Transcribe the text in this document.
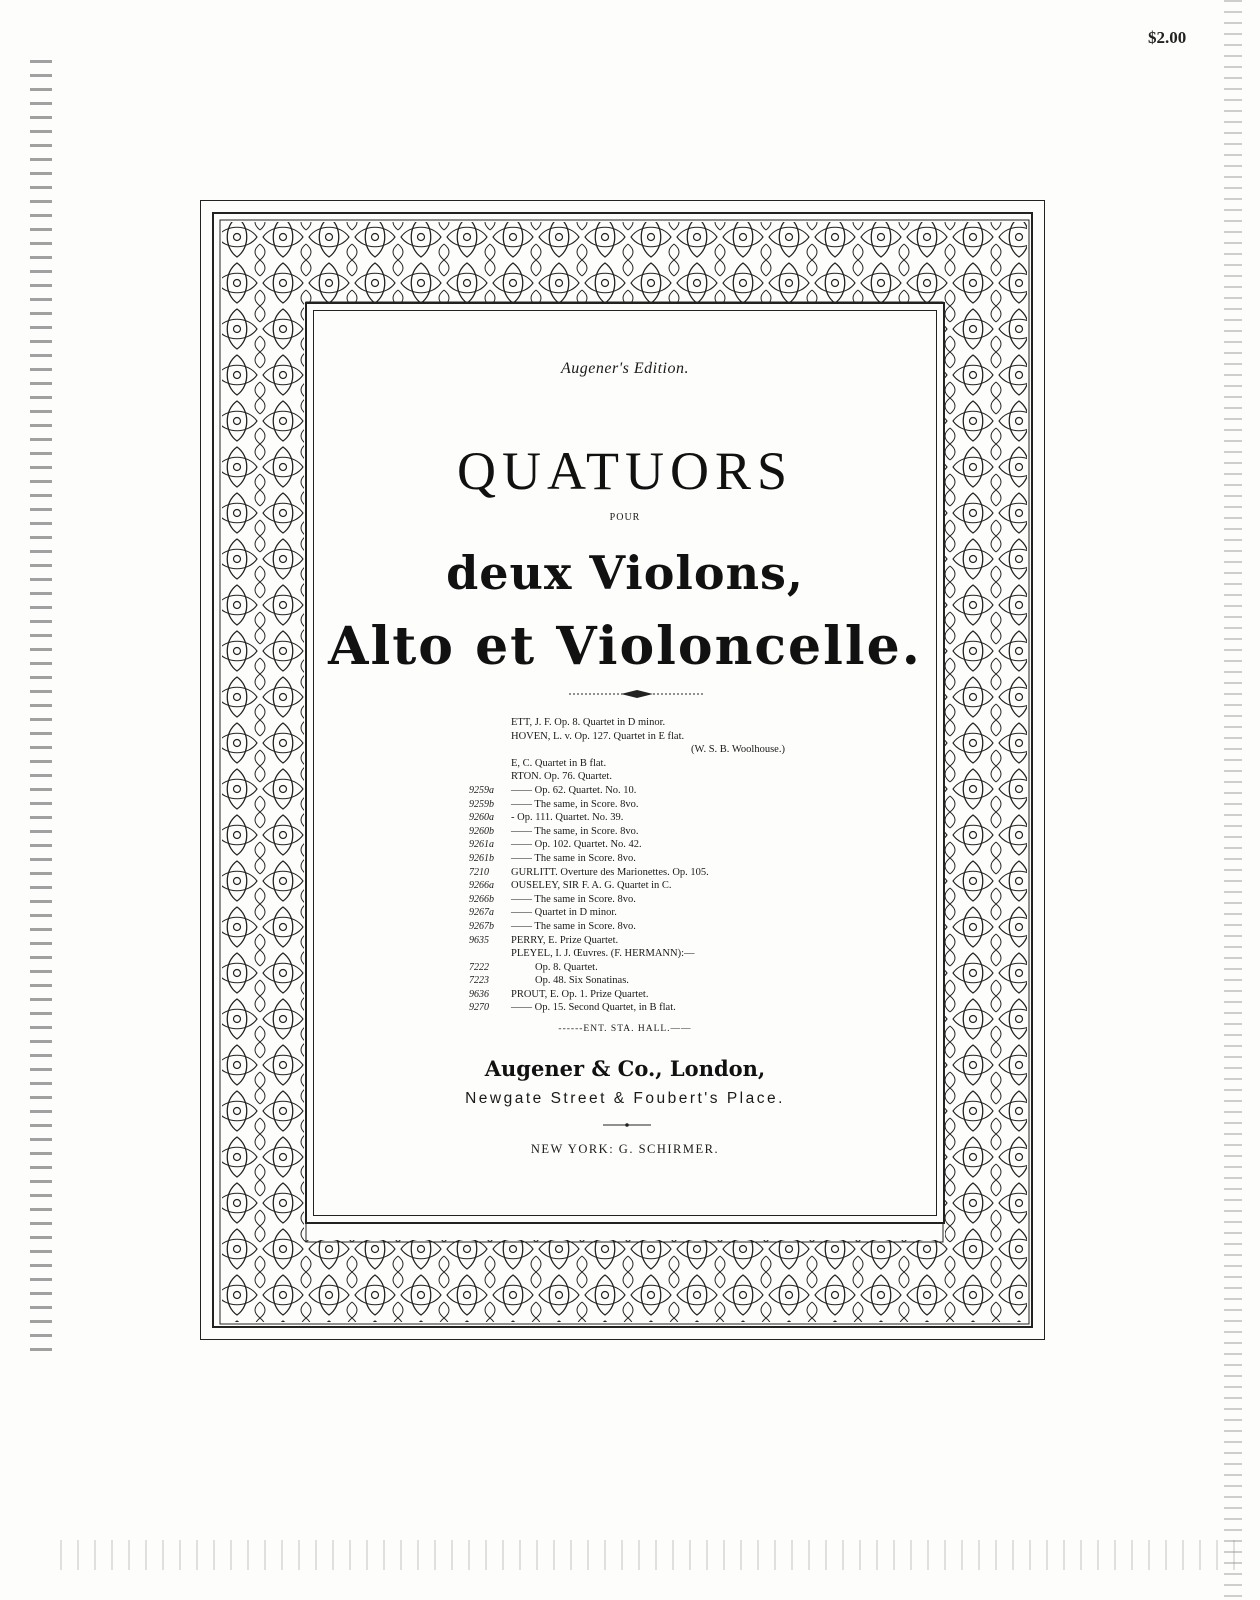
$2.00
Augener's Edition.
QUATUORS
POUR
deux Violons,
Alto et Violoncelle.
ETT, J. F. Op. 8. Quartet in D minor.
HOVEN, L. v. Op. 127. Quartet in E flat.
(W. S. B. Woolhouse.)
E, C. Quartet in B flat.
RTON. Op. 76. Quartet.
9259a	—— Op. 62. Quartet. No. 10.
9259b	—— The same, in Score. 8vo.
9260a	- Op. 111. Quartet. No. 39.
9260b	—— The same, in Score. 8vo.
9261a	—— Op. 102. Quartet. No. 42.
9261b	—— The same in Score. 8vo.
7210	GURLITT. Overture des Marionettes. Op. 105.
9266a	OUSELEY, SIR F. A. G. Quartet in C.
9266b	—— The same in Score. 8vo.
9267a	—— Quartet in D minor.
9267b	—— The same in Score. 8vo.
9635	PERRY, E. Prize Quartet.
PLEYEL, I. J. Œuvres. (F. HERMANN):—
7222	Op. 8. Quartet.
7223	Op. 48. Six Sonatinas.
9636	PROUT, E. Op. 1. Prize Quartet.
9270	—— Op. 15. Second Quartet, in B flat.
------ENT. STA. HALL.——
Augener & Co., London,
Newgate Street & Foubert's Place.
NEW YORK: G. SCHIRMER.
